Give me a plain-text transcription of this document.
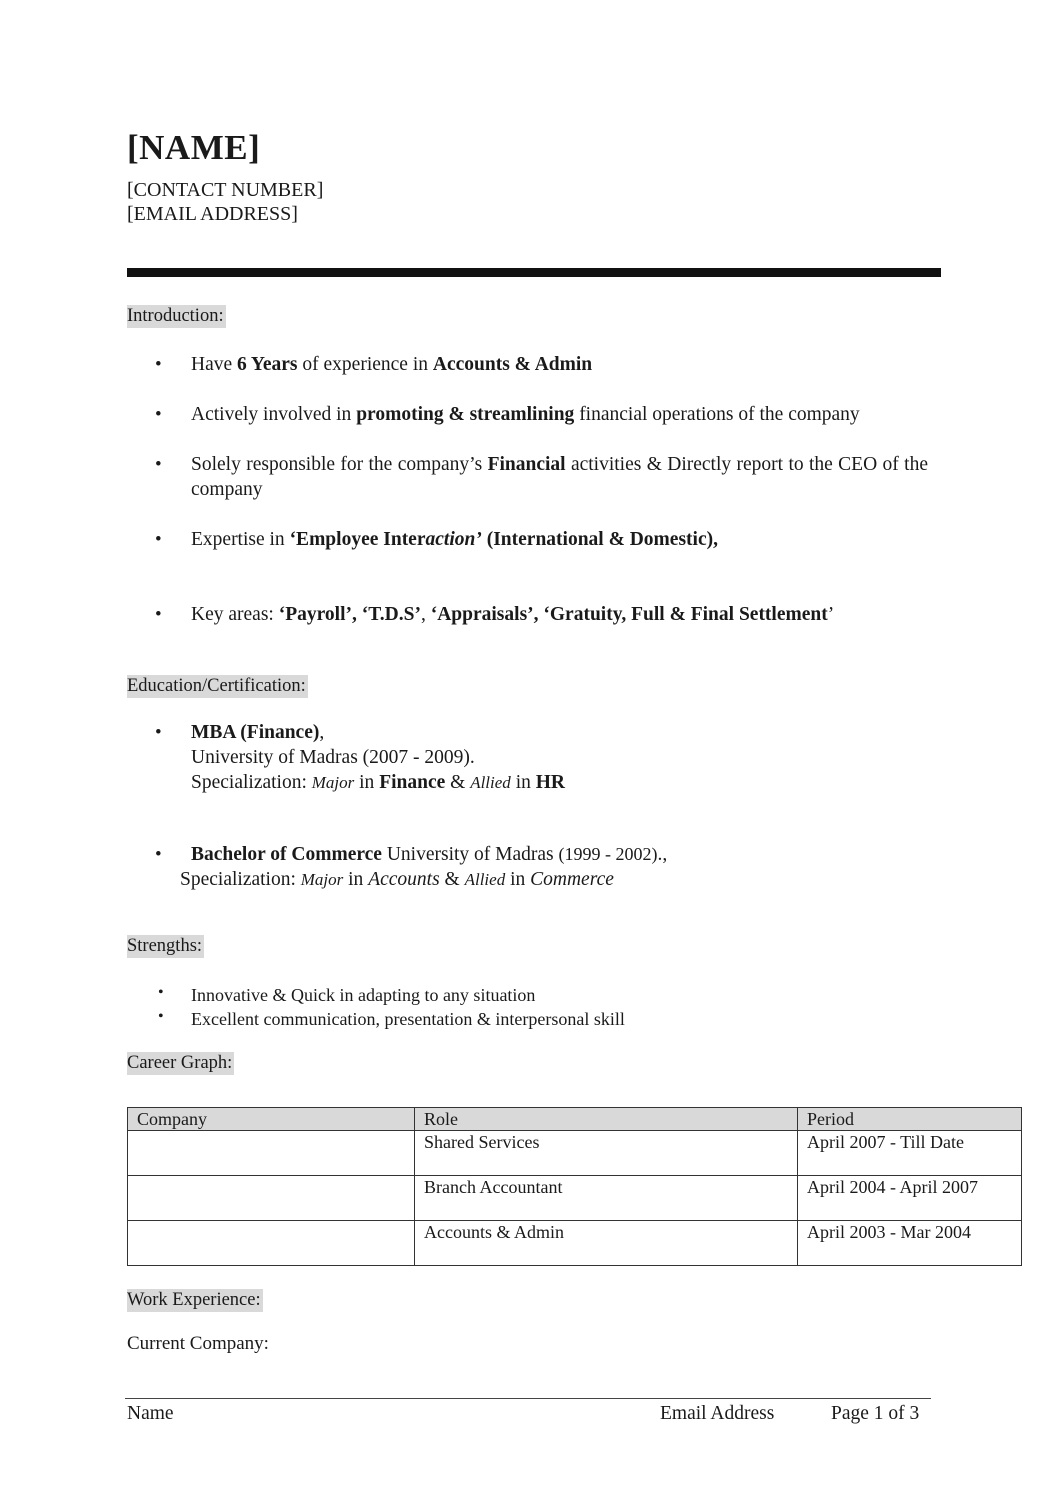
[NAME]
[CONTACT NUMBER]
[EMAIL ADDRESS]
Introduction:
• Have 6 Years of experience in Accounts & Admin
• Actively involved in promoting & streamlining financial operations of the company
• Solely responsible for the company’s Financial activities & Directly report to the CEO of the company
• Expertise in ‘Employee Interaction’ (International & Domestic),
• Key areas: ‘Payroll’, ‘T.D.S’, ‘Appraisals’, ‘Gratuity, Full & Final Settlement’
Education/Certification:
• MBA (Finance),
University of Madras (2007 - 2009).
Specialization: Major in Finance & Allied in HR
• Bachelor of Commerce University of Madras (1999 - 2002).,
Specialization: Major in Accounts & Allied in Commerce
Strengths:
• Innovative & Quick in adapting to any situation
• Excellent communication, presentation & interpersonal skill
Career Graph:
Company	Role	Period
	Shared Services	April 2007 - Till Date
	Branch Accountant	April 2004 - April 2007
	Accounts & Admin	April 2003 - Mar 2004
Work Experience:
Current Company:
Name	Email Address	Page 1 of 3
